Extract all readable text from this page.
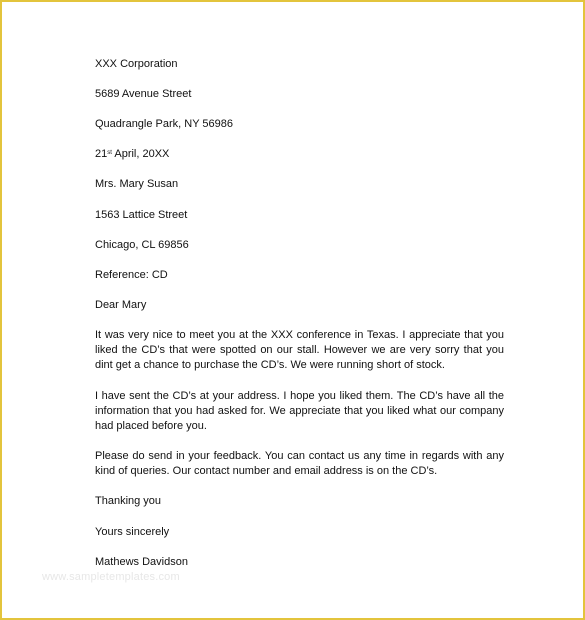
XXX Corporation
5689 Avenue Street
Quadrangle Park, NY 56986
21st April, 20XX
Mrs. Mary Susan
1563 Lattice Street
Chicago, CL 69856
Reference: CD
Dear Mary
It was very nice to meet you at the XXX conference in Texas. I appreciate that you liked the CD’s that were spotted on our stall. However we are very sorry that you dint get a chance to purchase the CD’s. We were running short of stock.
I have sent the CD’s at your address. I hope you liked them. The CD’s have all the information that you had asked for. We appreciate that you liked what our company had placed before you.
Please do send in your feedback. You can contact us any time in regards with any kind of queries. Our contact number and email address is on the CD’s.
Thanking you
Yours sincerely
Mathews Davidson
www.sampletemplates.com
